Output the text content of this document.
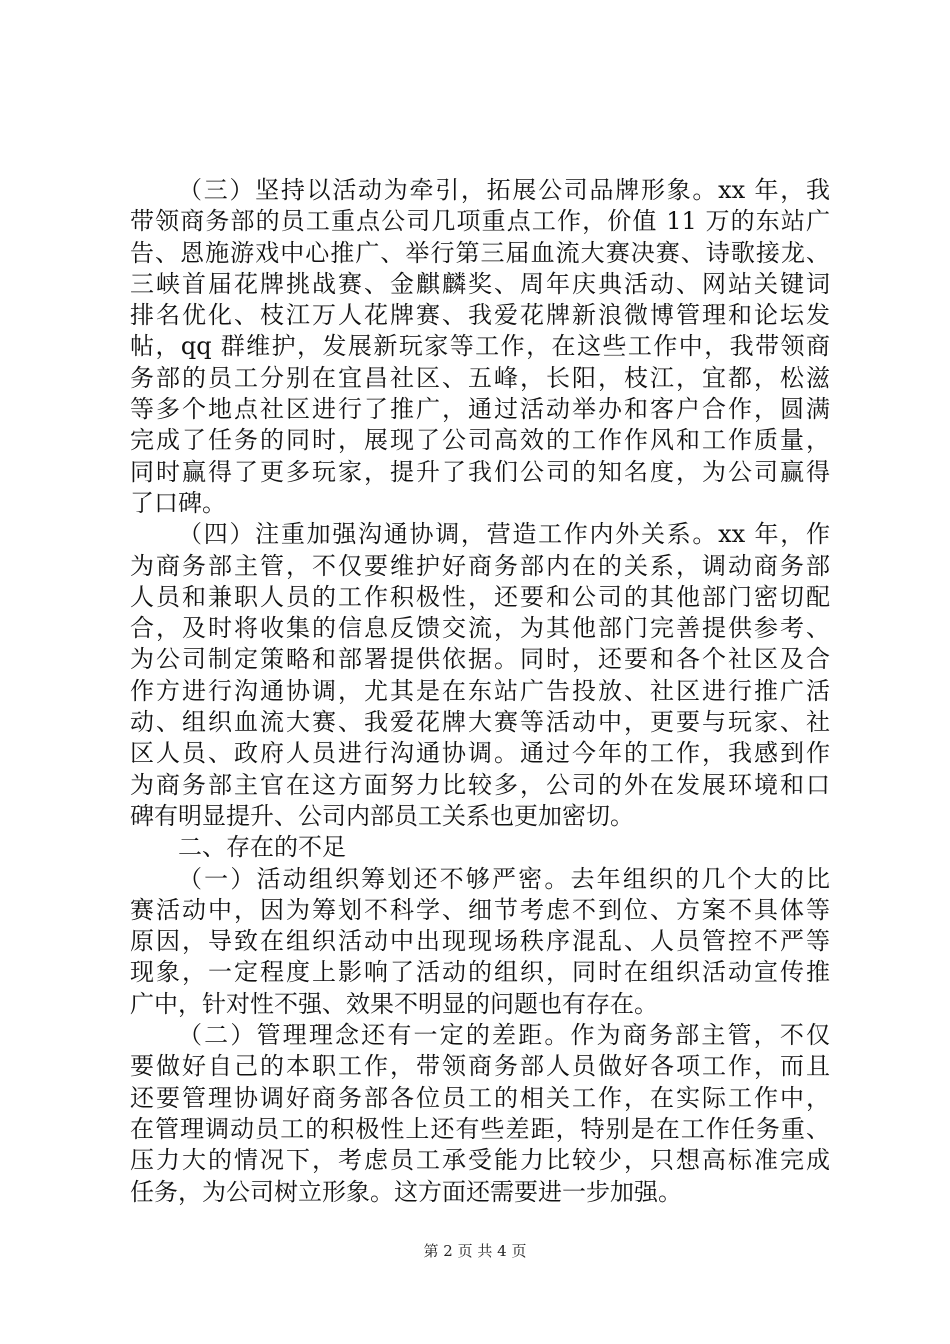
（三）坚持以活动为牵引，拓展公司品牌形象。xx 年，我
带领商务部的员工重点公司几项重点工作，价值 11 万的东站广
告、恩施游戏中心推广、举行第三届血流大赛决赛、诗歌接龙、
三峡首届花牌挑战赛、金麒麟奖、周年庆典活动、网站关键词
排名优化、枝江万人花牌赛、我爱花牌新浪微博管理和论坛发
帖，qq 群维护，发展新玩家等工作，在这些工作中，我带领商
务部的员工分别在宜昌社区、五峰，长阳，枝江，宜都，松滋
等多个地点社区进行了推广，通过活动举办和客户合作，圆满
完成了任务的同时，展现了公司高效的工作作风和工作质量，
同时赢得了更多玩家，提升了我们公司的知名度，为公司赢得
了口碑。
（四）注重加强沟通协调，营造工作内外关系。xx 年，作
为商务部主管，不仅要维护好商务部内在的关系，调动商务部
人员和兼职人员的工作积极性，还要和公司的其他部门密切配
合，及时将收集的信息反馈交流，为其他部门完善提供参考、
为公司制定策略和部署提供依据。同时，还要和各个社区及合
作方进行沟通协调，尤其是在东站广告投放、社区进行推广活
动、组织血流大赛、我爱花牌大赛等活动中，更要与玩家、社
区人员、政府人员进行沟通协调。通过今年的工作，我感到作
为商务部主官在这方面努力比较多，公司的外在发展环境和口
碑有明显提升、公司内部员工关系也更加密切。
二、存在的不足
（一）活动组织筹划还不够严密。去年组织的几个大的比
赛活动中，因为筹划不科学、细节考虑不到位、方案不具体等
原因，导致在组织活动中出现现场秩序混乱、人员管控不严等
现象，一定程度上影响了活动的组织，同时在组织活动宣传推
广中，针对性不强、效果不明显的问题也有存在。
（二）管理理念还有一定的差距。作为商务部主管，不仅
要做好自己的本职工作，带领商务部人员做好各项工作，而且
还要管理协调好商务部各位员工的相关工作，在实际工作中，
在管理调动员工的积极性上还有些差距，特别是在工作任务重、
压力大的情况下，考虑员工承受能力比较少，只想高标准完成
任务，为公司树立形象。这方面还需要进一步加强。
第 2 页 共 4 页
